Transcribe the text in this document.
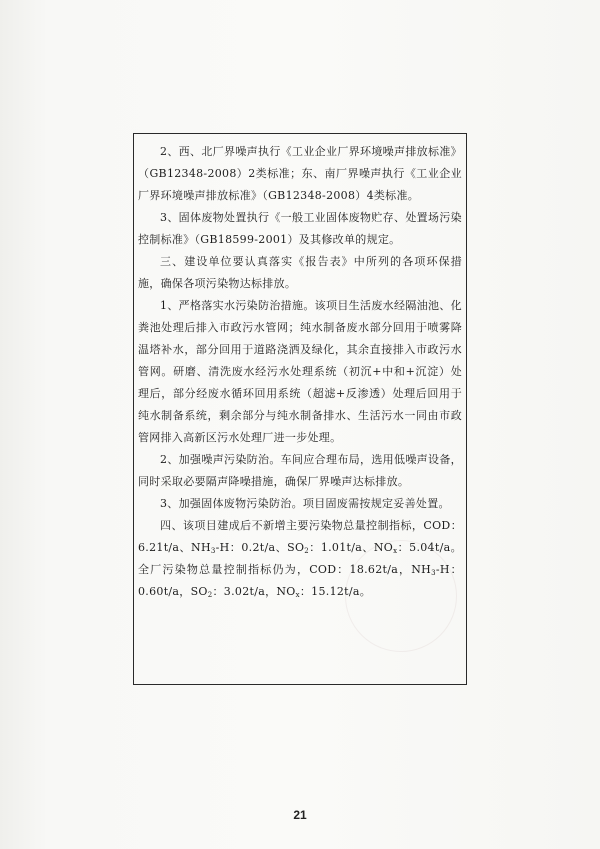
2、西、北厂界噪声执行《工业企业厂界环境噪声排放标准》（GB12348-2008）2类标准；东、南厂界噪声执行《工业企业厂界环境噪声排放标准》（GB12348-2008）4类标准。

3、固体废物处置执行《一般工业固体废物贮存、处置场污染控制标准》（GB18599-2001）及其修改单的规定。

三、建设单位要认真落实《报告表》中所列的各项环保措施，确保各项污染物达标排放。

1、严格落实水污染防治措施。该项目生活废水经隔油池、化粪池处理后排入市政污水管网；纯水制备废水部分回用于喷雾降温塔补水，部分回用于道路浇洒及绿化，其余直接排入市政污水管网。研磨、清洗废水经污水处理系统（初沉+中和+沉淀）处理后，部分经废水循环回用系统（超滤+反渗透）处理后回用于纯水制备系统，剩余部分与纯水制备排水、生活污水一同由市政管网排入高新区污水处理厂进一步处理。

2、加强噪声污染防治。车间应合理布局，选用低噪声设备，同时采取必要隔声降噪措施，确保厂界噪声达标排放。

3、加强固体废物污染防治。项目固废需按规定妥善处置。

四、该项目建成后不新增主要污染物总量控制指标，COD：6.21t/a、$NH_3-H$：0.2t/a、$SO_2$：1.01t/a、$NO_x$：5.04t/a。全厂污染物总量控制指标仍为，COD：18.62t/a，$NH_3-H$：0.60t/a，$SO_2$：3.02t/a，$NO_x$：15.12t/a。

21
